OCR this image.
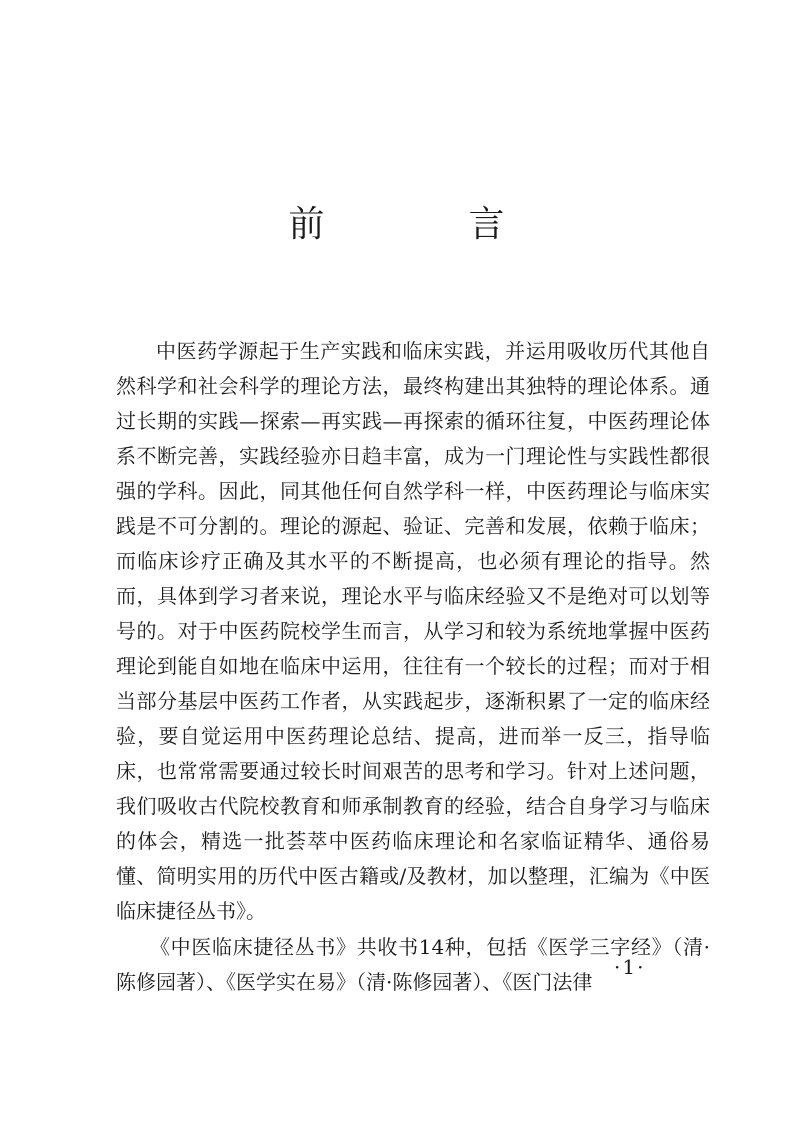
前　言

中医药学源起于生产实践和临床实践，并运用吸收历代其他自然科学和社会科学的理论方法，最终构建出其独特的理论体系。通过长期的实践—探索—再实践—再探索的循环往复，中医药理论体系不断完善，实践经验亦日趋丰富，成为一门理论性与实践性都很强的学科。因此，同其他任何自然学科一样，中医药理论与临床实践是不可分割的。理论的源起、验证、完善和发展，依赖于临床；而临床诊疗正确及其水平的不断提高，也必须有理论的指导。然而，具体到学习者来说，理论水平与临床经验又不是绝对可以划等号的。对于中医药院校学生而言，从学习和较为系统地掌握中医药理论到能自如地在临床中运用，往往有一个较长的过程；而对于相当部分基层中医药工作者，从实践起步，逐渐积累了一定的临床经验，要自觉运用中医药理论总结、提高，进而举一反三，指导临床，也常常需要通过较长时间艰苦的思考和学习。针对上述问题，我们吸收古代院校教育和师承制教育的经验，结合自身学习与临床的体会，精选一批荟萃中医药临床理论和名家临证精华、通俗易懂、简明实用的历代中医古籍或/及教材，加以整理，汇编为《中医临床捷径丛书》。

《中医临床捷径丛书》共收书14种，包括《医学三字经》（清·陈修园著）、《医学实在易》（清·陈修园著）、《医门法律

·1·
